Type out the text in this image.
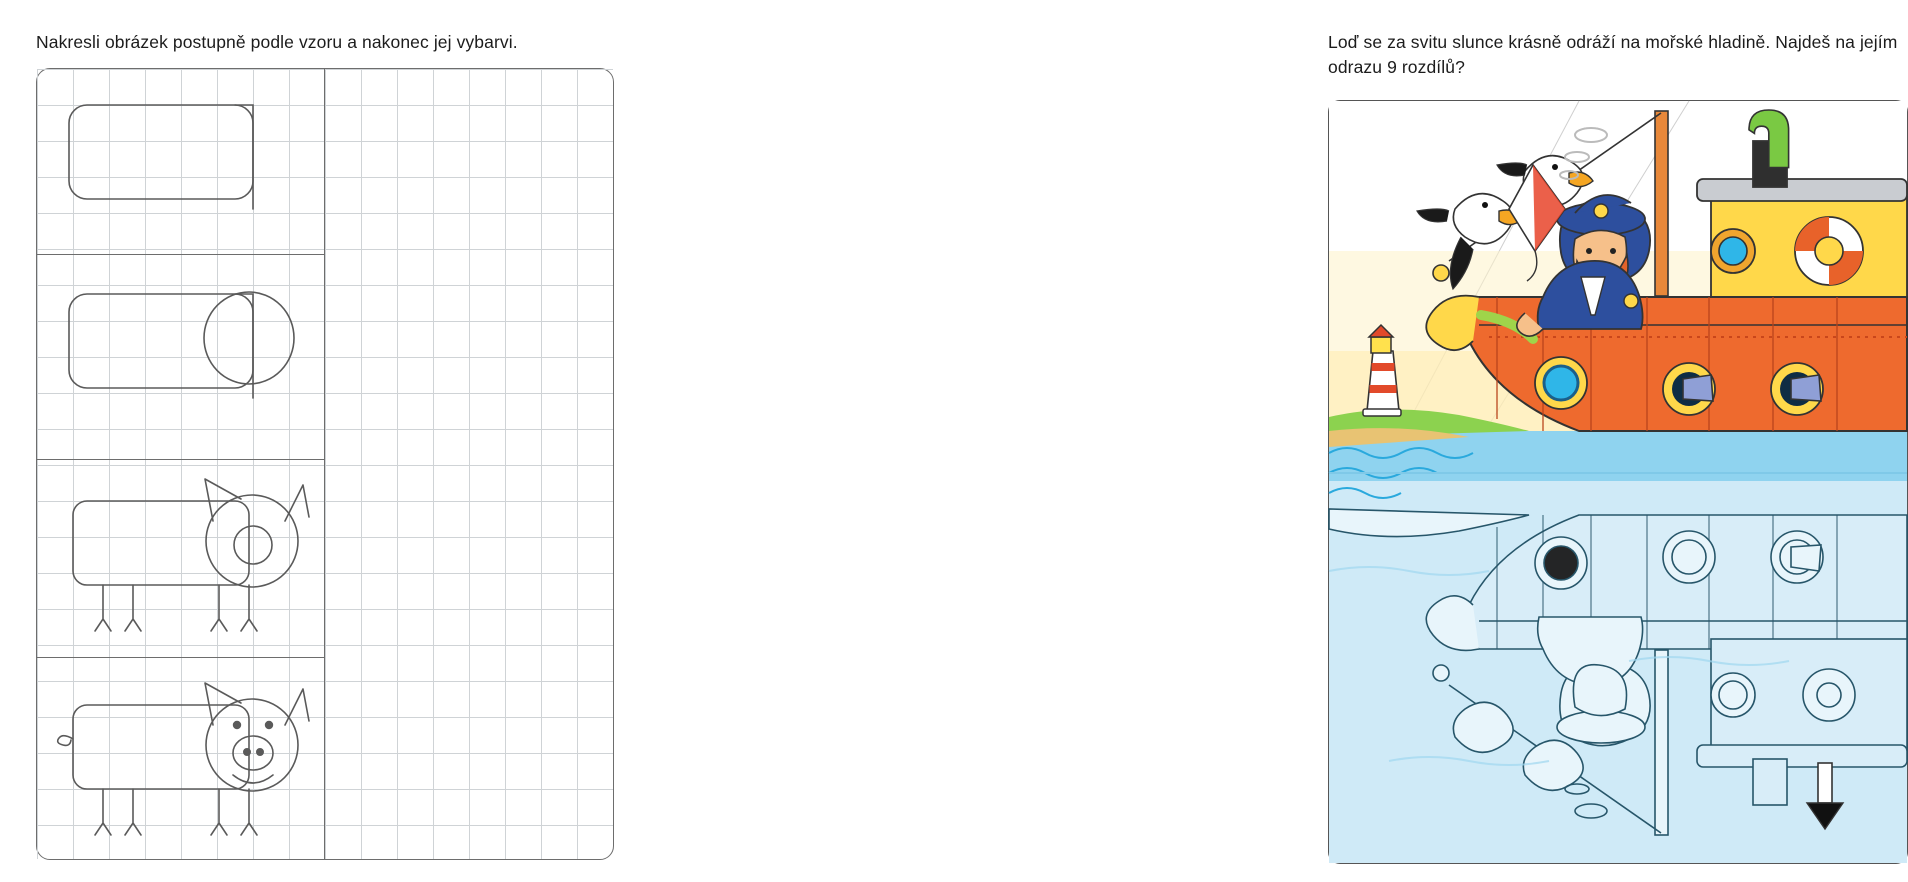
Nakresli obrázek postupně podle vzoru a nakonec jej vybarvi.	Loď se za svitu slunce krásně odráží na mořské hladině. Najdeš na jejím odrazu 9 rozdílů?
